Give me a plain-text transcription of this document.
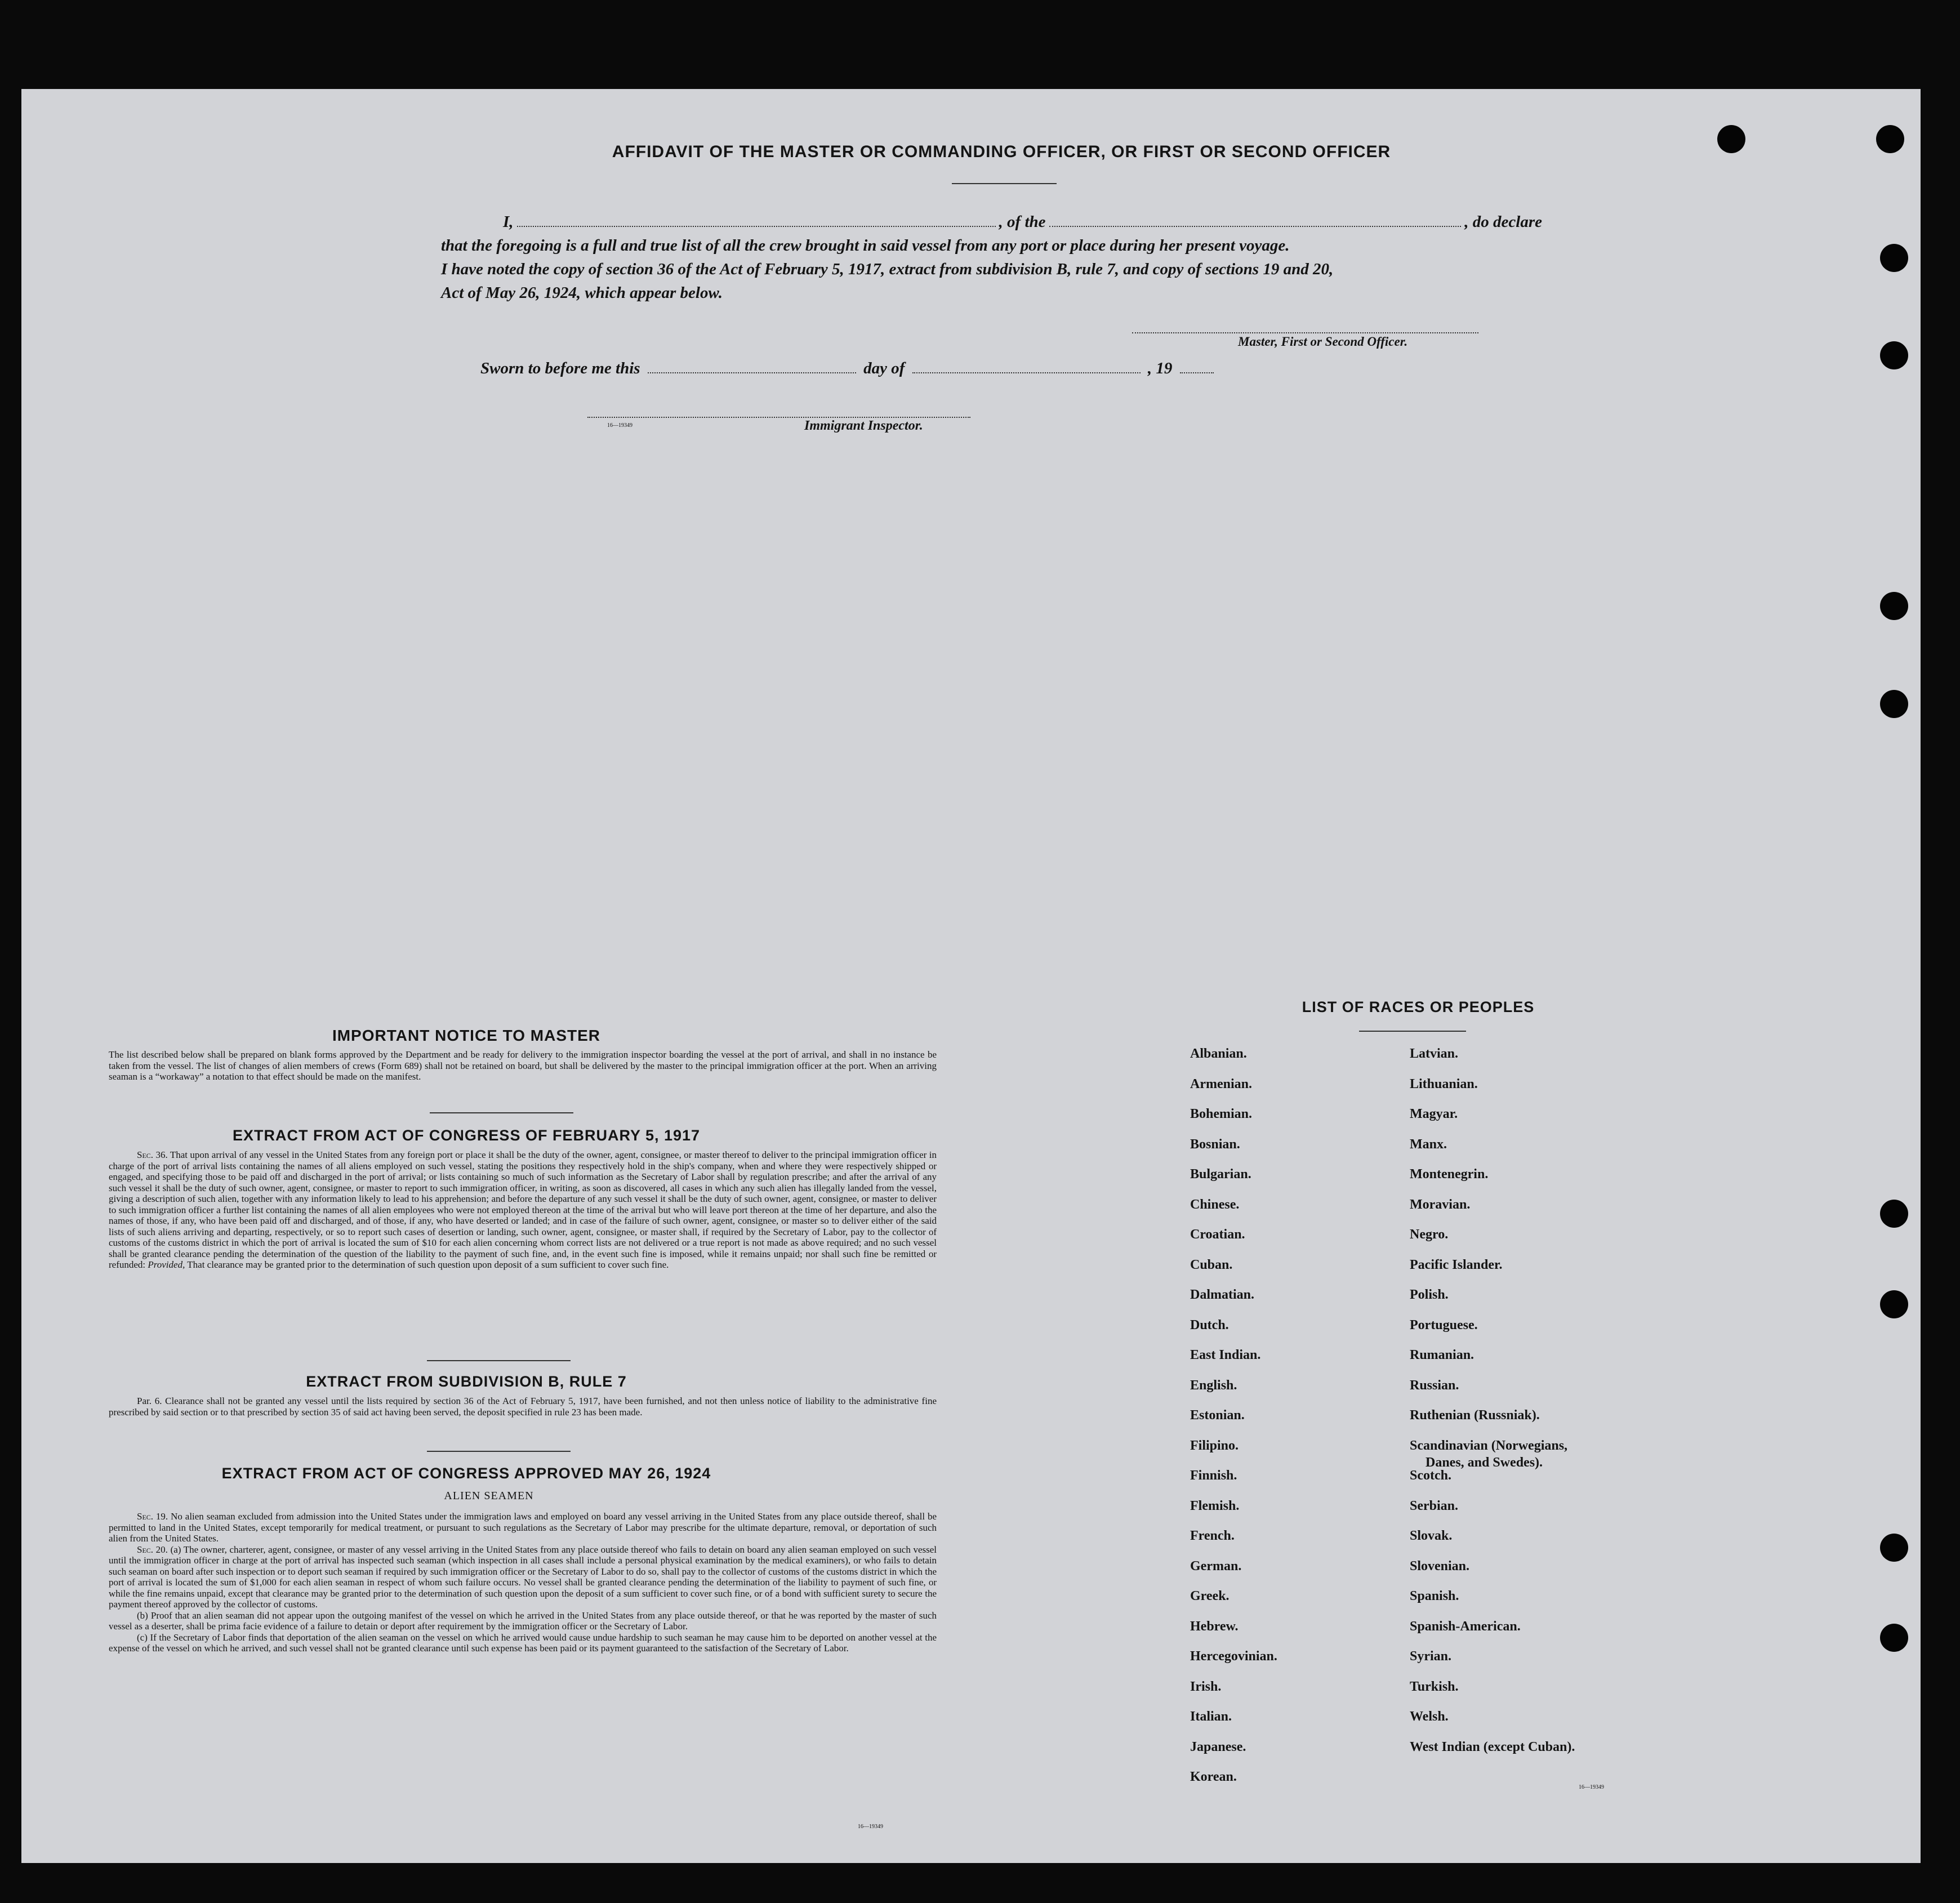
AFFIDAVIT OF THE MASTER OR COMMANDING OFFICER, OR FIRST OR SECOND OFFICER
I,	, of the	, do declare
that the foregoing is a full and true list of all the crew brought in said vessel from any port or place during her present voyage.
I have noted the copy of section 36 of the Act of February 5, 1917, extract from subdivision B, rule 7, and copy of sections 19 and 20,
Act of May 26, 1924, which appear below.
Master, First or Second Officer.
Sworn to before me this	day of	, 19
16—19349	Immigrant Inspector.
IMPORTANT NOTICE TO MASTER
The list described below shall be prepared on blank forms approved by the Department and be ready for delivery to the immigration inspector boarding the vessel at the port of arrival, and shall in no instance be taken from the vessel. The list of changes of alien members of crews (Form 689) shall not be retained on board, but shall be delivered by the master to the principal immigration officer at the port. When an arriving seaman is a “workaway” a notation to that effect should be made on the manifest.
EXTRACT FROM ACT OF CONGRESS OF FEBRUARY 5, 1917
Sec. 36. That upon arrival of any vessel in the United States from any foreign port or place it shall be the duty of the owner, agent, consignee, or master thereof to deliver to the principal immigration officer in charge of the port of arrival lists containing the names of all aliens employed on such vessel, stating the positions they respectively hold in the ship's company, when and where they were respectively shipped or engaged, and specifying those to be paid off and discharged in the port of arrival; or lists containing so much of such information as the Secretary of Labor shall by regulation prescribe; and after the arrival of any such vessel it shall be the duty of such owner, agent, consignee, or master to report to such immigration officer, in writing, as soon as discovered, all cases in which any such alien has illegally landed from the vessel, giving a description of such alien, together with any information likely to lead to his apprehension; and before the departure of any such vessel it shall be the duty of such owner, agent, consignee, or master to deliver to such immigration officer a further list containing the names of all alien employees who were not employed thereon at the time of the arrival but who will leave port thereon at the time of her departure, and also the names of those, if any, who have been paid off and discharged, and of those, if any, who have deserted or landed; and in case of the failure of such owner, agent, consignee, or master so to deliver either of the said lists of such aliens arriving and departing, respectively, or so to report such cases of desertion or landing, such owner, agent, consignee, or master shall, if required by the Secretary of Labor, pay to the collector of customs of the customs district in which the port of arrival is located the sum of $10 for each alien concerning whom correct lists are not delivered or a true report is not made as above required; and no such vessel shall be granted clearance pending the determination of the question of the liability to the payment of such fine, and, in the event such fine is imposed, while it remains unpaid; nor shall such fine be remitted or refunded: Provided, That clearance may be granted prior to the determination of such question upon deposit of a sum sufficient to cover such fine.
EXTRACT FROM SUBDIVISION B, RULE 7
Par. 6. Clearance shall not be granted any vessel until the lists required by section 36 of the Act of February 5, 1917, have been furnished, and not then unless notice of liability to the administrative fine prescribed by said section or to that prescribed by section 35 of said act having been served, the deposit specified in rule 23 has been made.
EXTRACT FROM ACT OF CONGRESS APPROVED MAY 26, 1924
ALIEN SEAMEN
Sec. 19. No alien seaman excluded from admission into the United States under the immigration laws and employed on board any vessel arriving in the United States from any place outside thereof, shall be permitted to land in the United States, except temporarily for medical treatment, or pursuant to such regulations as the Secretary of Labor may prescribe for the ultimate departure, removal, or deportation of such alien from the United States.
Sec. 20. (a) The owner, charterer, agent, consignee, or master of any vessel arriving in the United States from any place outside thereof who fails to detain on board any alien seaman employed on such vessel until the immigration officer in charge at the port of arrival has inspected such seaman (which inspection in all cases shall include a personal physical examination by the medical examiners), or who fails to detain such seaman on board after such inspection or to deport such seaman if required by such immigration officer or the Secretary of Labor to do so, shall pay to the collector of customs of the customs district in which the port of arrival is located the sum of $1,000 for each alien seaman in respect of whom such failure occurs. No vessel shall be granted clearance pending the determination of the liability to payment of such fine, or while the fine remains unpaid, except that clearance may be granted prior to the determination of such question upon the deposit of a sum sufficient to cover such fine, or of a bond with sufficient surety to secure the payment thereof approved by the collector of customs.
(b) Proof that an alien seaman did not appear upon the outgoing manifest of the vessel on which he arrived in the United States from any place outside thereof, or that he was reported by the master of such vessel as a deserter, shall be prima facie evidence of a failure to detain or deport after requirement by the immigration officer or the Secretary of Labor.
(c) If the Secretary of Labor finds that deportation of the alien seaman on the vessel on which he arrived would cause undue hardship to such seaman he may cause him to be deported on another vessel at the expense of the vessel on which he arrived, and such vessel shall not be granted clearance until such expense has been paid or its payment guaranteed to the satisfaction of the Secretary of Labor.
16—19349
LIST OF RACES OR PEOPLES
Albanian.
Armenian.
Bohemian.
Bosnian.
Bulgarian.
Chinese.
Croatian.
Cuban.
Dalmatian.
Dutch.
East Indian.
English.
Estonian.
Filipino.
Finnish.
Flemish.
French.
German.
Greek.
Hebrew.
Hercegovinian.
Irish.
Italian.
Japanese.
Korean.
Latvian.
Lithuanian.
Magyar.
Manx.
Montenegrin.
Moravian.
Negro.
Pacific Islander.
Polish.
Portuguese.
Rumanian.
Russian.
Ruthenian (Russniak).
Scandinavian (Norwegians,
Danes, and Swedes).
Scotch.
Serbian.
Slovak.
Slovenian.
Spanish.
Spanish-American.
Syrian.
Turkish.
Welsh.
West Indian (except Cuban).
16—19349
